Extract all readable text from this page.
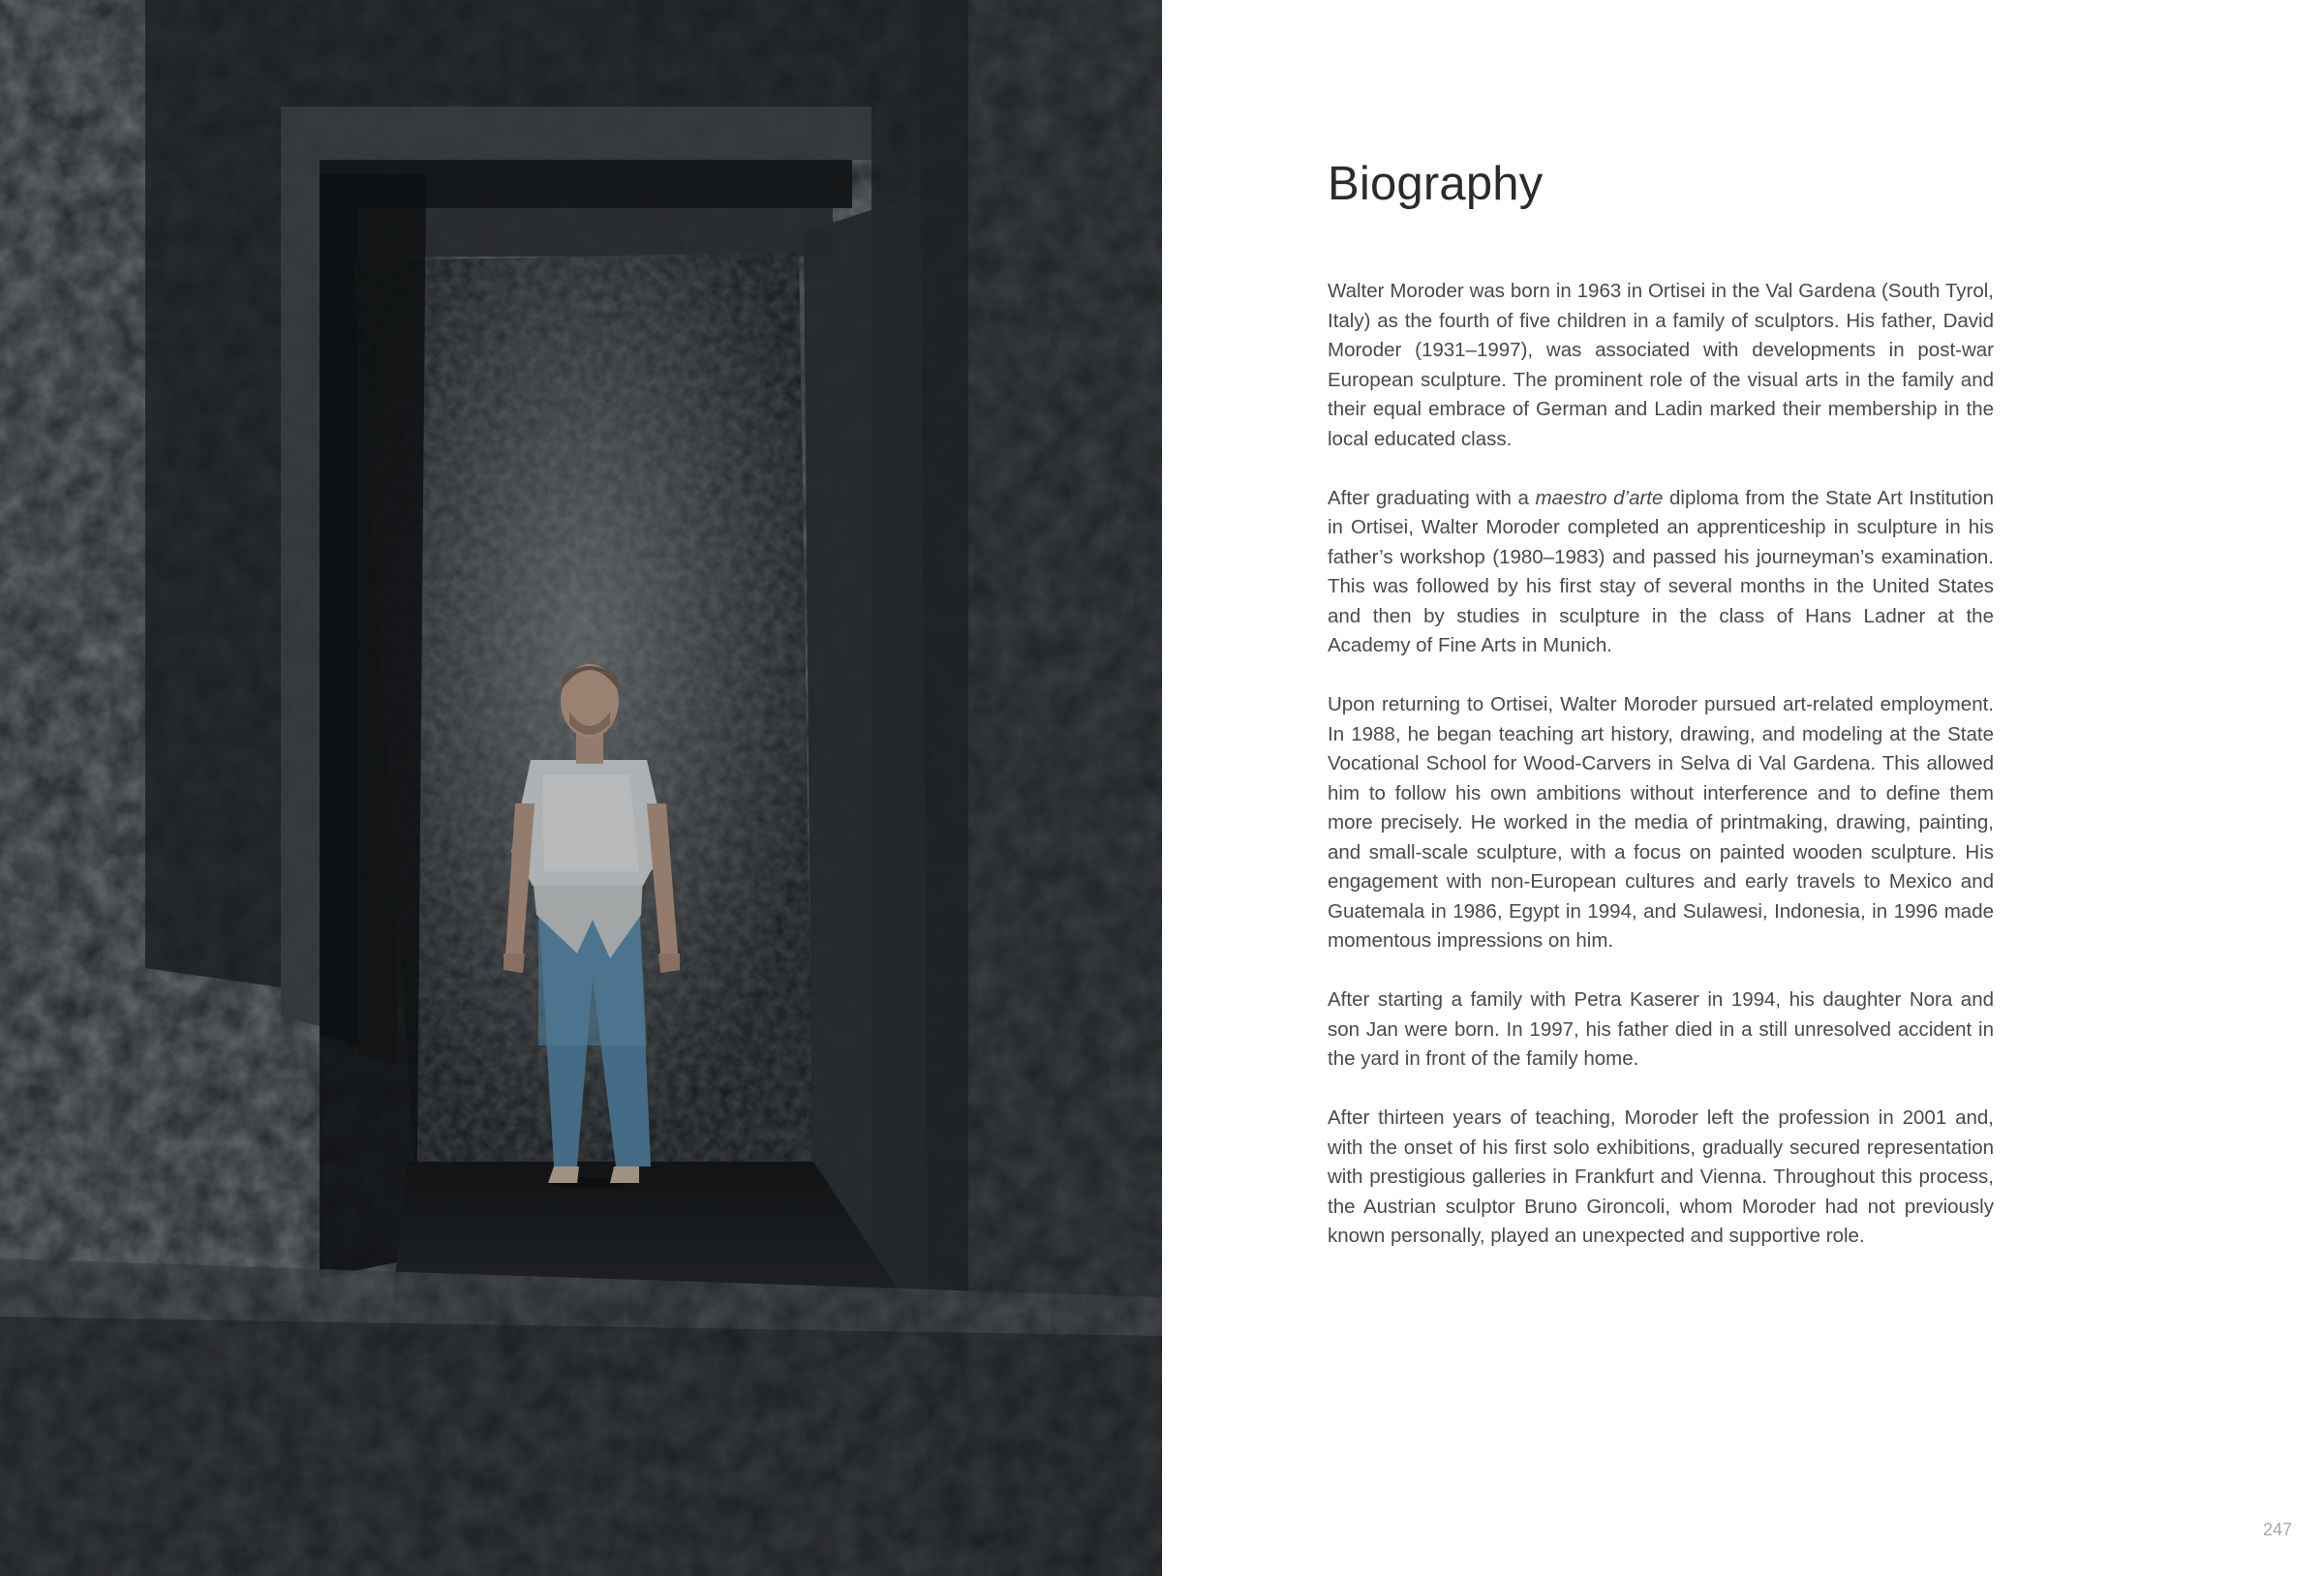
Biography

Walter Moroder was born in 1963 in Ortisei in the Val Gardena (South Tyrol, Italy) as the fourth of five children in a family of sculptors. His father, David Moroder (1931–1997), was associated with developments in post-war European sculpture. The prominent role of the visual arts in the family and their equal embrace of German and Ladin marked their membership in the local educated class.

After graduating with a maestro d’arte diploma from the State Art Institution in Ortisei, Walter Moroder completed an apprenticeship in sculpture in his father’s workshop (1980–1983) and passed his journeyman’s examination. This was followed by his first stay of several months in the United States and then by studies in sculpture in the class of Hans Ladner at the Academy of Fine Arts in Munich.

Upon returning to Ortisei, Walter Moroder pursued art-related employment. In 1988, he began teaching art history, drawing, and modeling at the State Vocational School for Wood-Carvers in Selva di Val Gardena. This allowed him to follow his own ambitions without interference and to define them more precisely. He worked in the media of printmaking, drawing, painting, and small-scale sculpture, with a focus on painted wooden sculpture. His engagement with non-European cultures and early travels to Mexico and Guatemala in 1986, Egypt in 1994, and Sulawesi, Indonesia, in 1996 made momentous impressions on him.

After starting a family with Petra Kaserer in 1994, his daughter Nora and son Jan were born. In 1997, his father died in a still unresolved accident in the yard in front of the family home.

After thirteen years of teaching, Moroder left the profession in 2001 and, with the onset of his first solo exhibitions, gradually secured representation with prestigious galleries in Frankfurt and Vienna. Throughout this process, the Austrian sculptor Bruno Gironcoli, whom Moroder had not previously known personally, played an unexpected and supportive role.

247
